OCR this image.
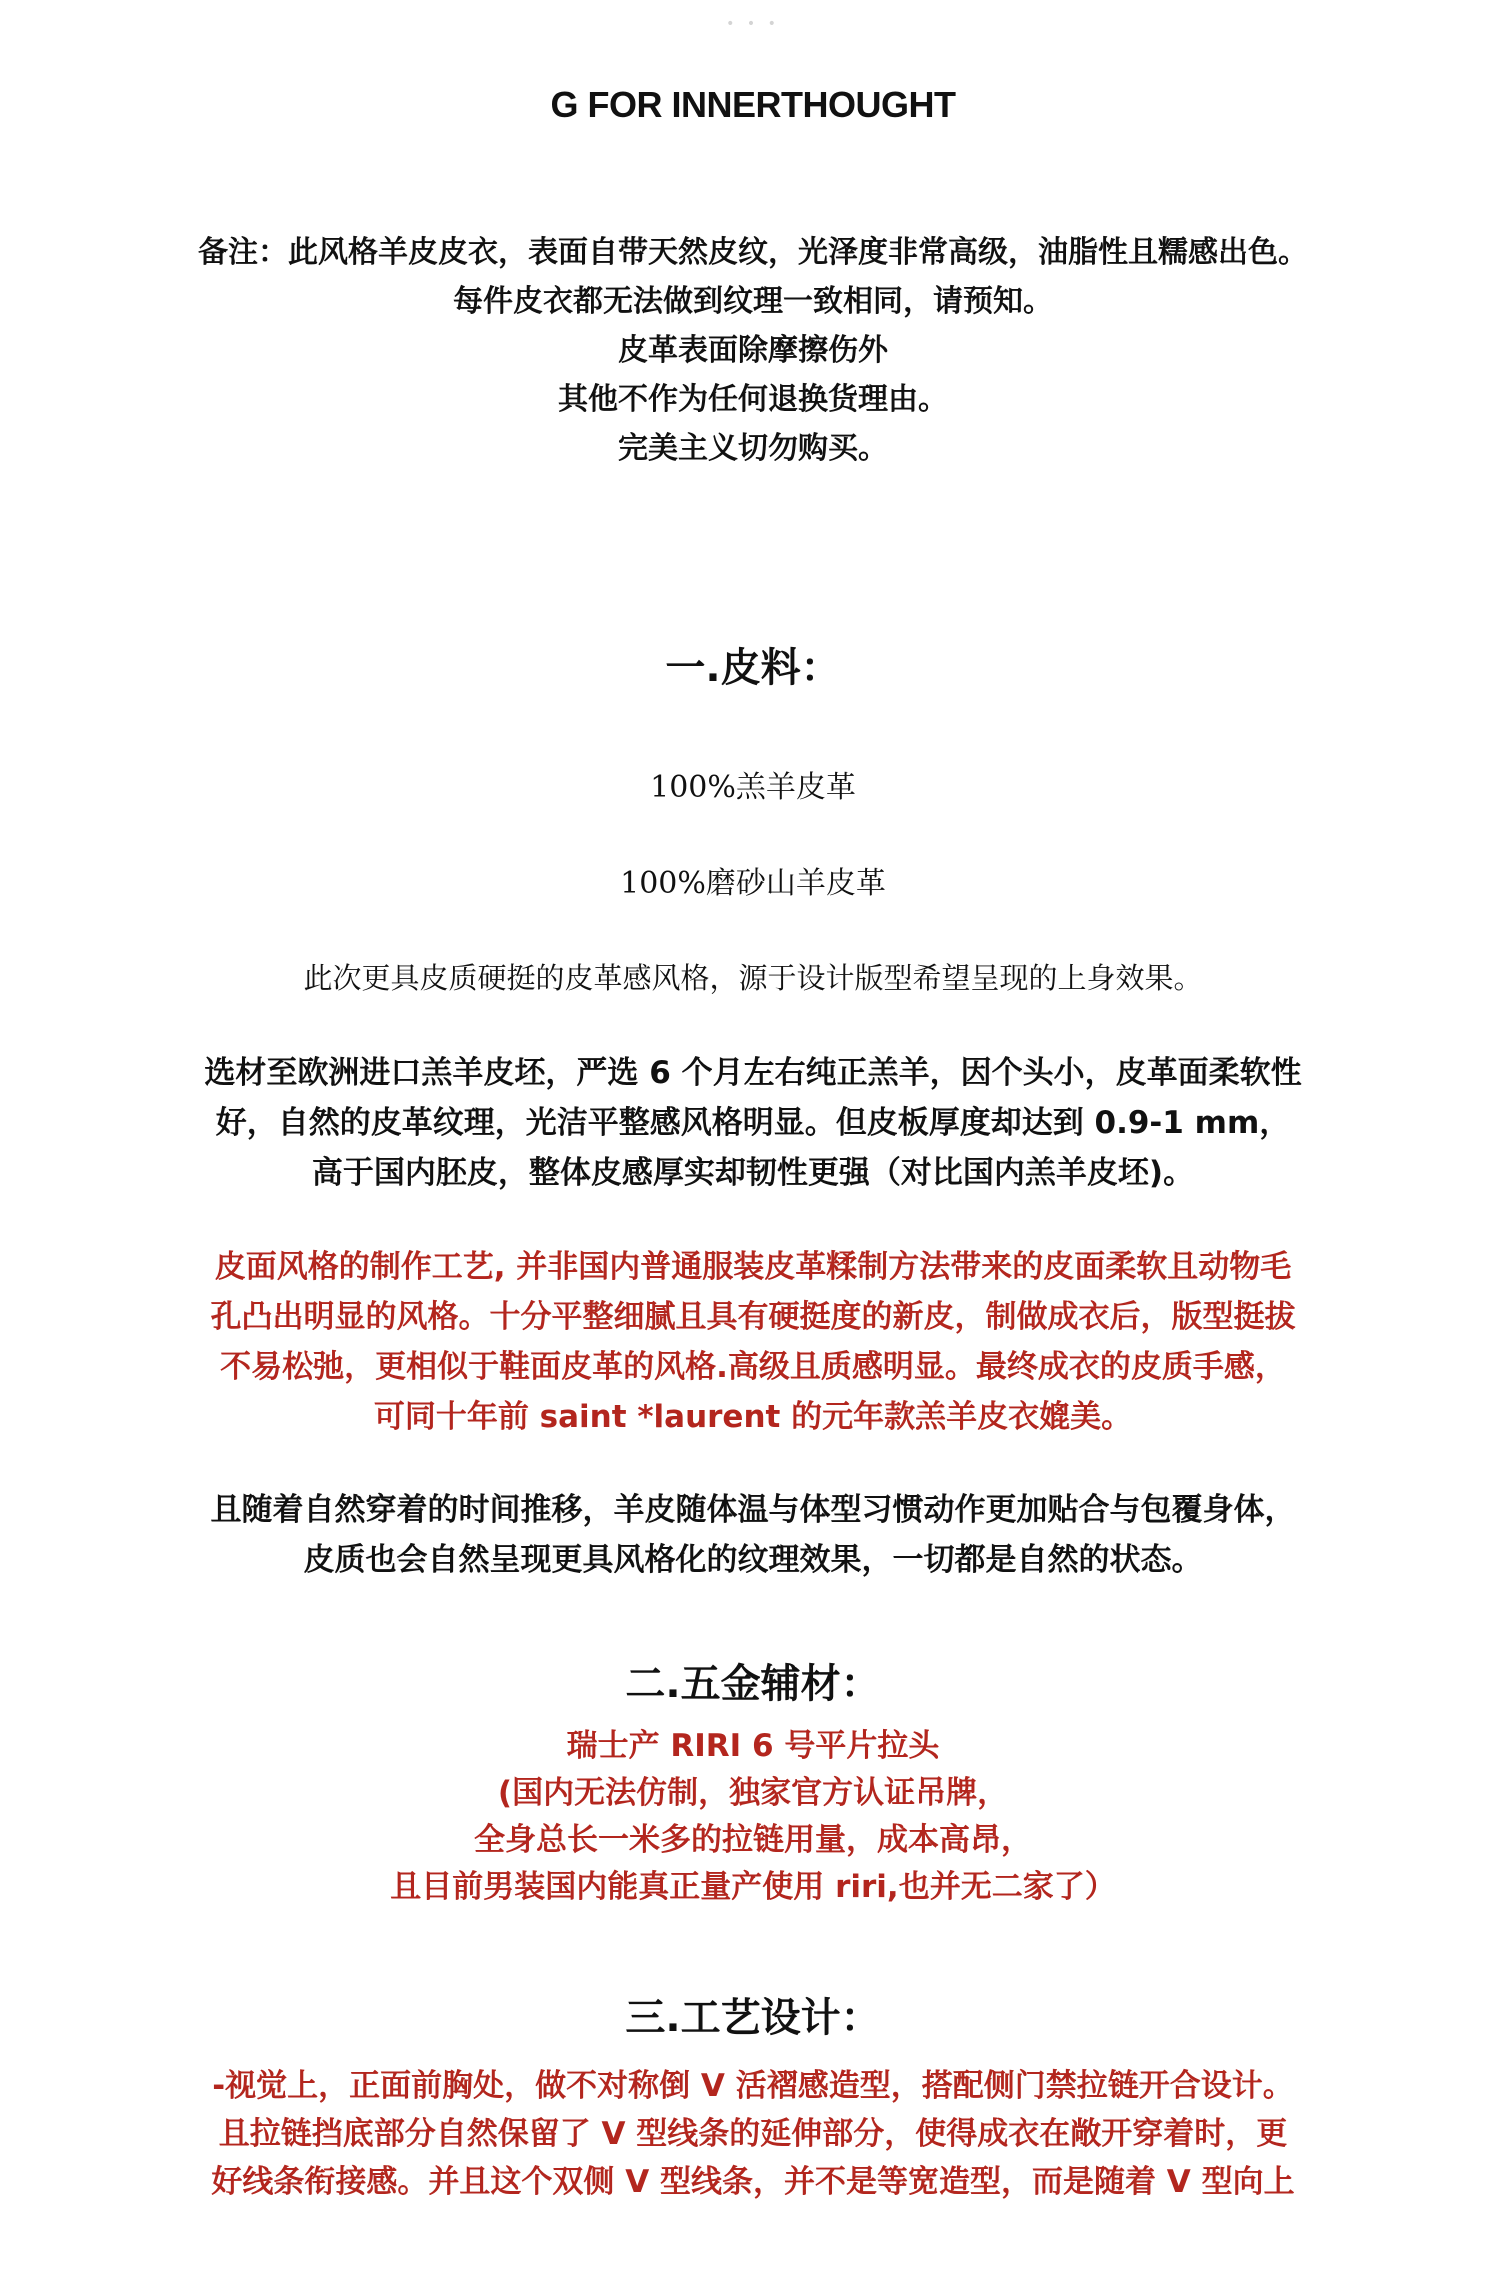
• • •
G FOR INNERTHOUGHT
备注：此风格羊皮皮衣，表面自带天然皮纹，光泽度非常高级，油脂性且糯感出色。
每件皮衣都无法做到纹理一致相同，请预知。
皮革表面除摩擦伤外
其他不作为任何退换货理由。
完美主义切勿购买。
一.皮料：
100%羔羊皮革
100%磨砂山羊皮革
此次更具皮质硬挺的皮革感风格，源于设计版型希望呈现的上身效果。
选材至欧洲进口羔羊皮坯，严选 6 个月左右纯正羔羊，因个头小，皮革面柔软性
好，自然的皮革纹理，光洁平整感风格明显。但皮板厚度却达到 0.9-1 mm，
高于国内胚皮，整体皮感厚实却韧性更强（对比国内羔羊皮坯)。
皮面风格的制作工艺, 并非国内普通服装皮革糅制方法带来的皮面柔软且动物毛
孔凸出明显的风格。十分平整细腻且具有硬挺度的新皮，制做成衣后，版型挺拔
不易松弛，更相似于鞋面皮革的风格.高级且质感明显。最终成衣的皮质手感，
可同十年前 saint *laurent 的元年款羔羊皮衣媲美。
且随着自然穿着的时间推移，羊皮随体温与体型习惯动作更加贴合与包覆身体，
皮质也会自然呈现更具风格化的纹理效果，一切都是自然的状态。
二.五金辅材：
瑞士产 RIRI 6 号平片拉头
(国内无法仿制，独家官方认证吊牌，
全身总长一米多的拉链用量，成本高昂，
且目前男装国内能真正量产使用 riri,也并无二家了）
三.工艺设计：
-视觉上，正面前胸处，做不对称倒 V 活褶感造型，搭配侧门禁拉链开合设计。
且拉链挡底部分自然保留了 V 型线条的延伸部分，使得成衣在敞开穿着时，更
好线条衔接感。并且这个双侧 V 型线条，并不是等宽造型，而是随着 V 型向上
